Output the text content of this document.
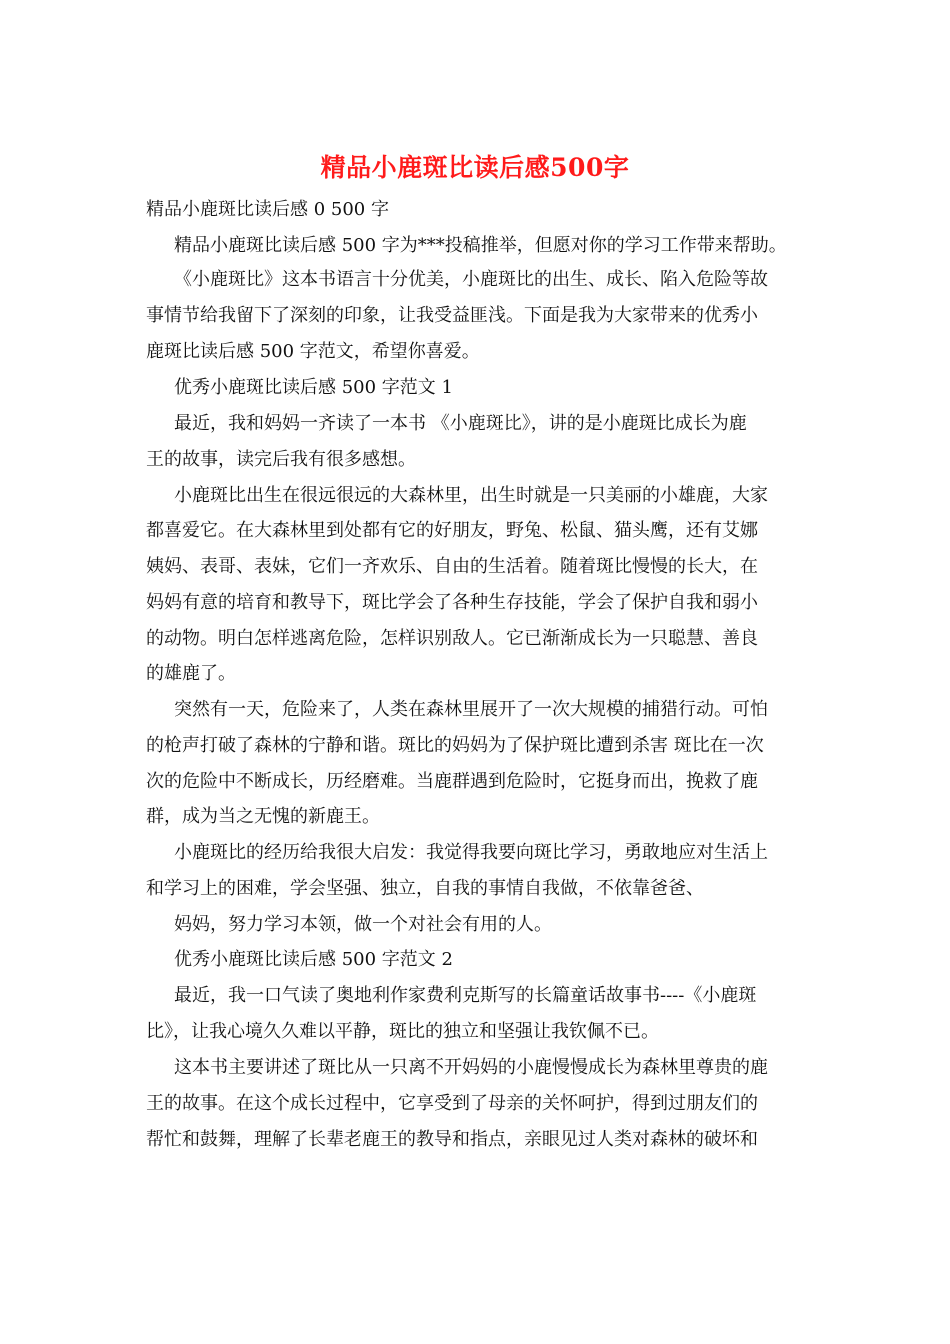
精品小鹿斑比读后感500字
精品小鹿斑比读后感 0 500 字
精品小鹿斑比读后感 500 字为***投稿推举，但愿对你的学习工作带来帮助。
《小鹿斑比》这本书语言十分优美，小鹿斑比的出生、成长、陷入危险等故
事情节给我留下了深刻的印象，让我受益匪浅。下面是我为大家带来的优秀小
鹿斑比读后感 500 字范文，希望你喜爱。
优秀小鹿斑比读后感 500 字范文 1
最近，我和妈妈一齐读了一本书 《小鹿斑比》，讲的是小鹿斑比成长为鹿
王的故事，读完后我有很多感想。
小鹿斑比出生在很远很远的大森林里，出生时就是一只美丽的小雄鹿，大家
都喜爱它。在大森林里到处都有它的好朋友，野兔、松鼠、猫头鹰，还有艾娜
姨妈、表哥、表妹，它们一齐欢乐、自由的生活着。随着斑比慢慢的长大，在
妈妈有意的培育和教导下，斑比学会了各种生存技能，学会了保护自我和弱小
的动物。明白怎样逃离危险，怎样识别敌人。它已渐渐成长为一只聪慧、善良
的雄鹿了。
突然有一天，危险来了，人类在森林里展开了一次大规模的捕猎行动。可怕
的枪声打破了森林的宁静和谐。斑比的妈妈为了保护斑比遭到杀害 斑比在一次
次的危险中不断成长，历经磨难。当鹿群遇到危险时，它挺身而出，挽救了鹿
群，成为当之无愧的新鹿王。
小鹿斑比的经历给我很大启发：我觉得我要向斑比学习，勇敢地应对生活上
和学习上的困难，学会坚强、独立，自我的事情自我做，不依靠爸爸、
妈妈，努力学习本领，做一个对社会有用的人。
优秀小鹿斑比读后感 500 字范文 2
最近，我一口气读了奥地利作家费利克斯写的长篇童话故事书----《小鹿斑
比》，让我心境久久难以平静，斑比的独立和坚强让我钦佩不已。
这本书主要讲述了斑比从一只离不开妈妈的小鹿慢慢成长为森林里尊贵的鹿
王的故事。在这个成长过程中，它享受到了母亲的关怀呵护，得到过朋友们的
帮忙和鼓舞，理解了长辈老鹿王的教导和指点，亲眼见过人类对森林的破坏和
